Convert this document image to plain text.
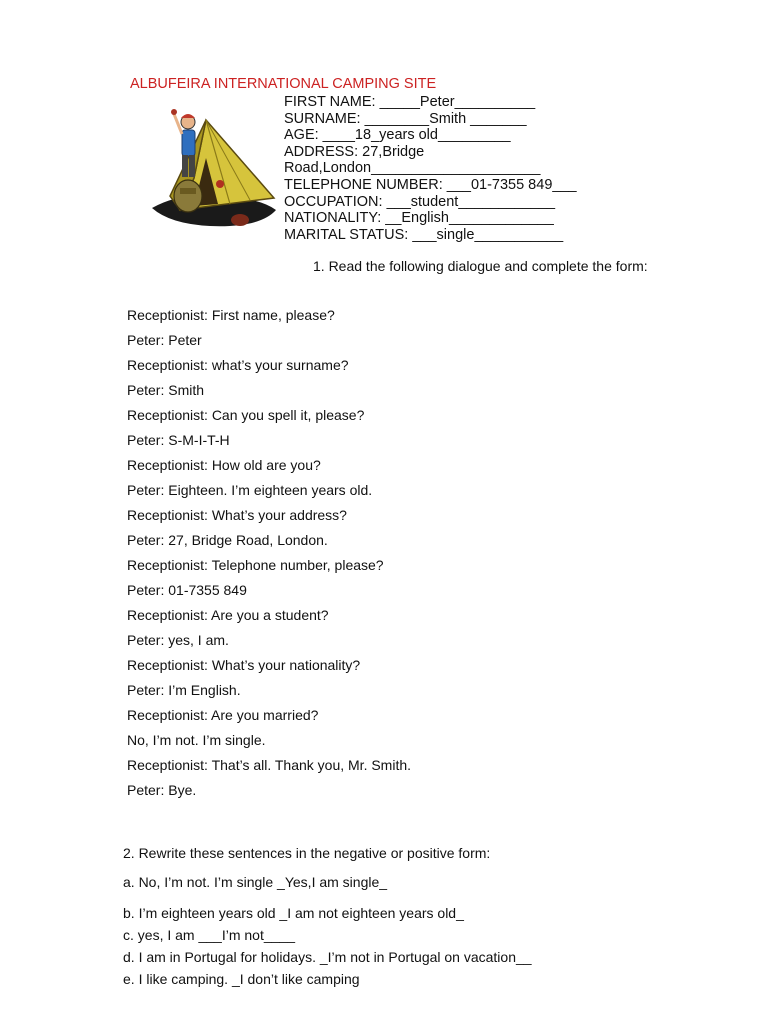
ALBUFEIRA INTERNATIONAL CAMPING SITE
FIRST NAME: _____Peter__________
SURNAME: ________Smith _______
AGE: ____18_years old_________
ADDRESS: 27,Bridge
Road,London_____________________
TELEPHONE NUMBER: ___01-7355 849___
OCCUPATION: ___student____________
NATIONALITY: __English_____________
MARITAL STATUS: ___single___________
1. Read the following dialogue and complete the form:
Receptionist: First name, please?
Peter: Peter
Receptionist: what’s your surname?
Peter: Smith
Receptionist: Can you spell it, please?
Peter: S-M-I-T-H
Receptionist: How old are you?
Peter: Eighteen. I’m eighteen years old.
Receptionist: What’s your address?
Peter: 27, Bridge Road, London.
Receptionist: Telephone number, please?
Peter: 01-7355 849
Receptionist: Are you a student?
Peter: yes, I am.
Receptionist: What’s your nationality?
Peter: I’m English.
Receptionist: Are you married?
No, I’m not. I’m single.
Receptionist: That’s all. Thank you, Mr. Smith.
Peter: Bye.
2. Rewrite these sentences in the negative or positive form:
a. No, I’m not. I’m single _Yes,I am single_
b. I’m eighteen years old _I am not eighteen years old_
c. yes, I am ___I’m not____
d. I am in Portugal for holidays. _I’m not in Portugal on vacation__
e. I like camping. _I don’t like camping
